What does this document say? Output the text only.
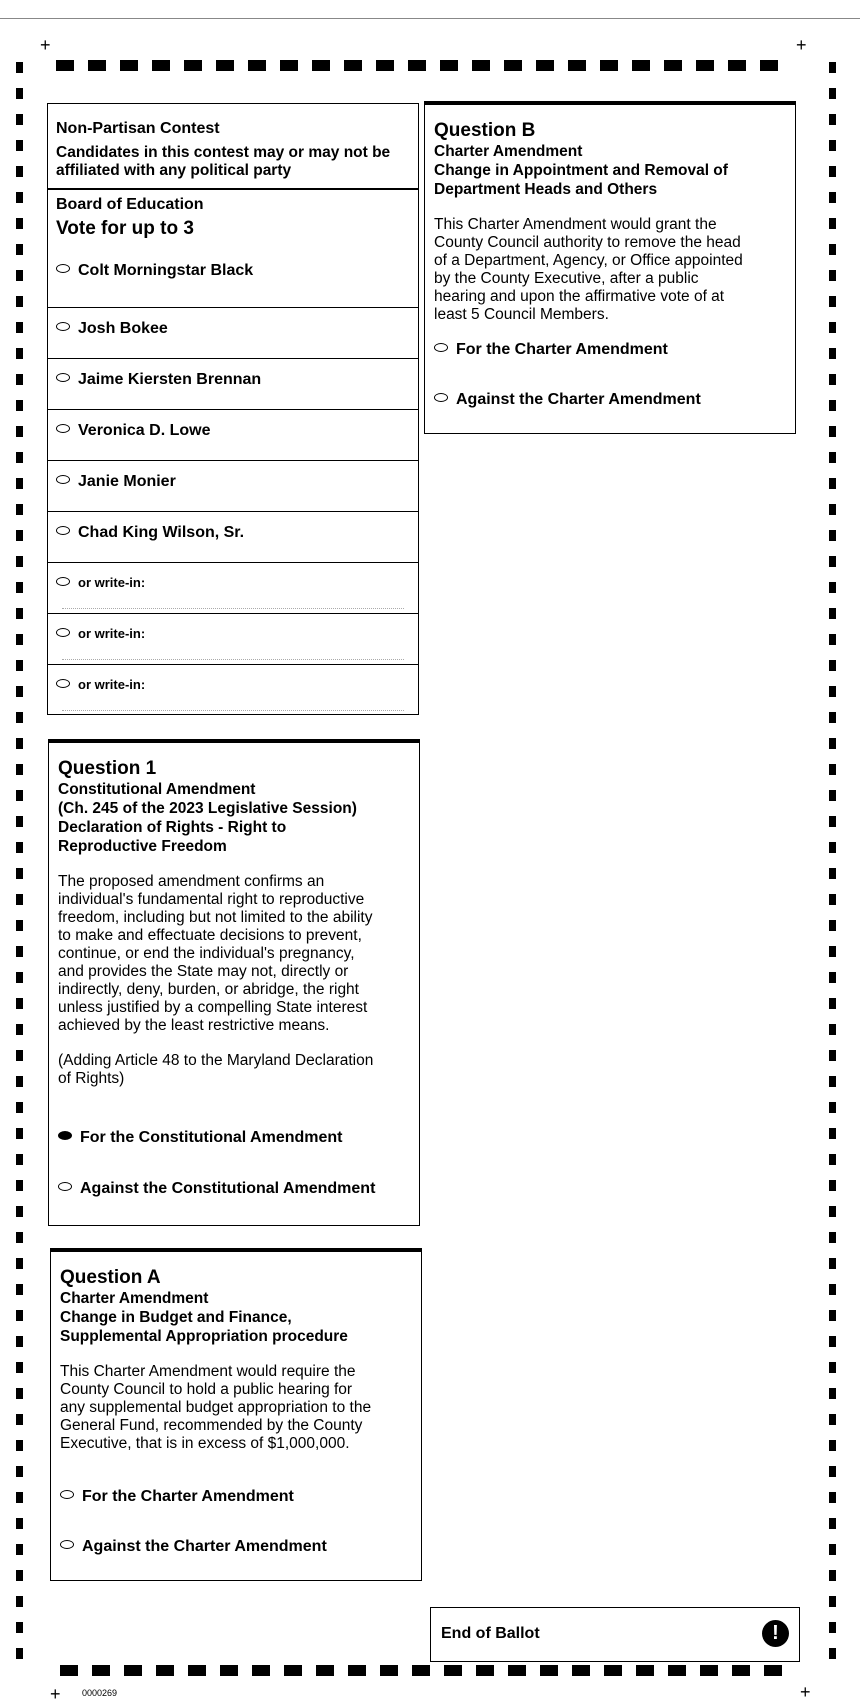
+	+
+	+
Non-Partisan Contest
Candidates in this contest may or may not be affiliated with any political party
Board of Education
Vote for up to 3
Colt Morningstar Black
Josh Bokee
Jaime Kiersten Brennan
Veronica D. Lowe
Janie Monier
Chad King Wilson, Sr.
or write-in:
or write-in:
or write-in:
Question 1
Constitutional Amendment
(Ch. 245 of the 2023 Legislative Session)
Declaration of Rights - Right to
Reproductive Freedom
The proposed amendment confirms an
individual's fundamental right to reproductive
freedom, including but not limited to the ability
to make and effectuate decisions to prevent,
continue, or end the individual's pregnancy,
and provides the State may not, directly or
indirectly, deny, burden, or abridge, the right
unless justified by a compelling State interest
achieved by the least restrictive means.
(Adding Article 48 to the Maryland Declaration
of Rights)
For the Constitutional Amendment
Against the Constitutional Amendment
Question A
Charter Amendment
Change in Budget and Finance,
Supplemental Appropriation procedure
This Charter Amendment would require the
County Council to hold a public hearing for
any supplemental budget appropriation to the
General Fund, recommended by the County
Executive, that is in excess of $1,000,000.
For the Charter Amendment
Against the Charter Amendment
Question B
Charter Amendment
Change in Appointment and Removal of
Department Heads and Others
This Charter Amendment would grant the
County Council authority to remove the head
of a Department, Agency, or Office appointed
by the County Executive, after a public
hearing and upon the affirmative vote of at
least 5 Council Members.
For the Charter Amendment
Against the Charter Amendment
End of Ballot	!
0000269
